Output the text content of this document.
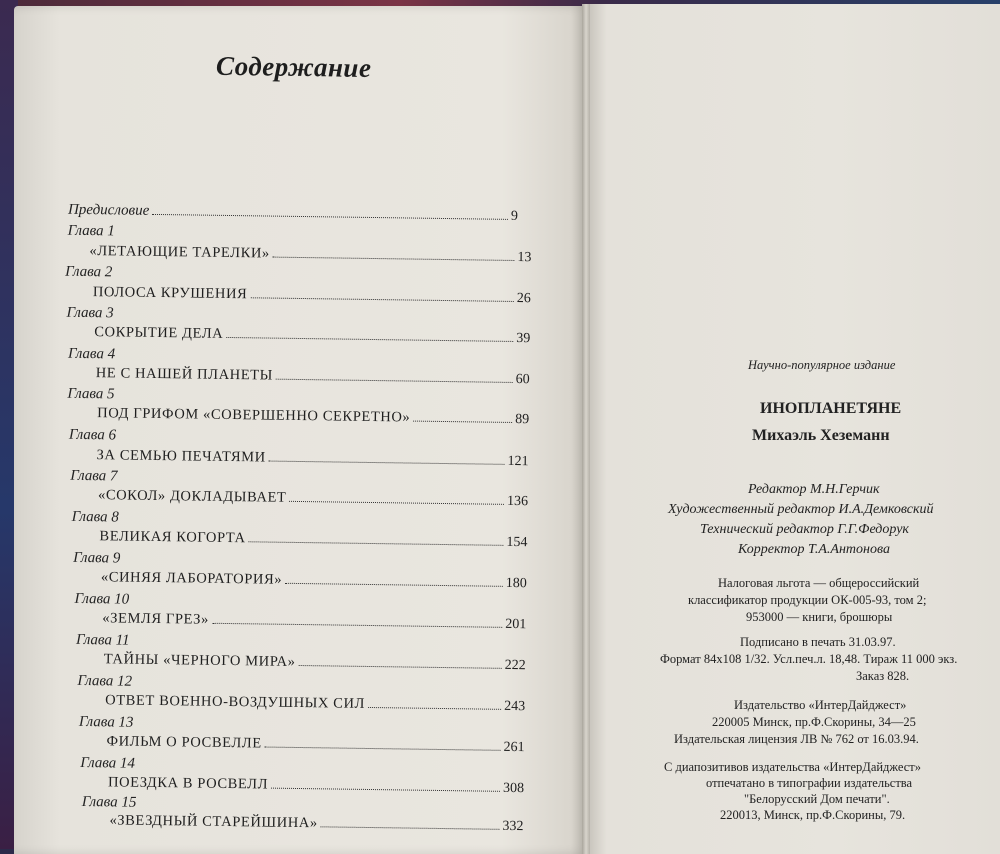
Содержание
Предисловие	9
Глава 1
«ЛЕТАЮЩИЕ ТАРЕЛКИ»	13
Глава 2
ПОЛОСА КРУШЕНИЯ	26
Глава 3
СОКРЫТИЕ ДЕЛА	39
Глава 4
НЕ С НАШЕЙ ПЛАНЕТЫ	60
Глава 5
ПОД ГРИФОМ «СОВЕРШЕННО СЕКРЕТНО»	89
Глава 6
ЗА СЕМЬЮ ПЕЧАТЯМИ	121
Глава 7
«СОКОЛ» ДОКЛАДЫВАЕТ	136
Глава 8
ВЕЛИКАЯ КОГОРТА	154
Глава 9
«СИНЯЯ ЛАБОРАТОРИЯ»	180
Глава 10
«ЗЕМЛЯ ГРЕЗ»	201
Глава 11
ТАЙНЫ «ЧЕРНОГО МИРА»	222
Глава 12
ОТВЕТ ВОЕННО-ВОЗДУШНЫХ СИЛ	243
Глава 13
ФИЛЬМ О РОСВЕЛЛЕ	261
Глава 14
ПОЕЗДКА В РОСВЕЛЛ	308
Глава 15
«ЗВЕЗДНЫЙ СТАРЕЙШИНА»	332
Научно-популярное издание
ИНОПЛАНЕТЯНЕ
Михаэль Хеземанн
Редактор М.Н.Герчик
Художественный редактор И.А.Демковский
Технический редактор Г.Г.Федорук
Корректор Т.А.Антонова
Налоговая льгота — общероссийский
классификатор продукции ОК-005-93, том 2;
953000 — книги, брошюры
Подписано в печать 31.03.97.
Формат 84х108 1/32. Усл.печ.л. 18,48. Тираж 11 000 экз.
Заказ 828.
Издательство «ИнтерДайджест»
220005 Минск, пр.Ф.Скорины, 34—25
Издательская лицензия ЛВ № 762 от 16.03.94.
С диапозитивов издательства «ИнтерДайджест»
отпечатано в типографии издательства
"Белорусский Дом печати".
220013, Минск, пр.Ф.Скорины, 79.
